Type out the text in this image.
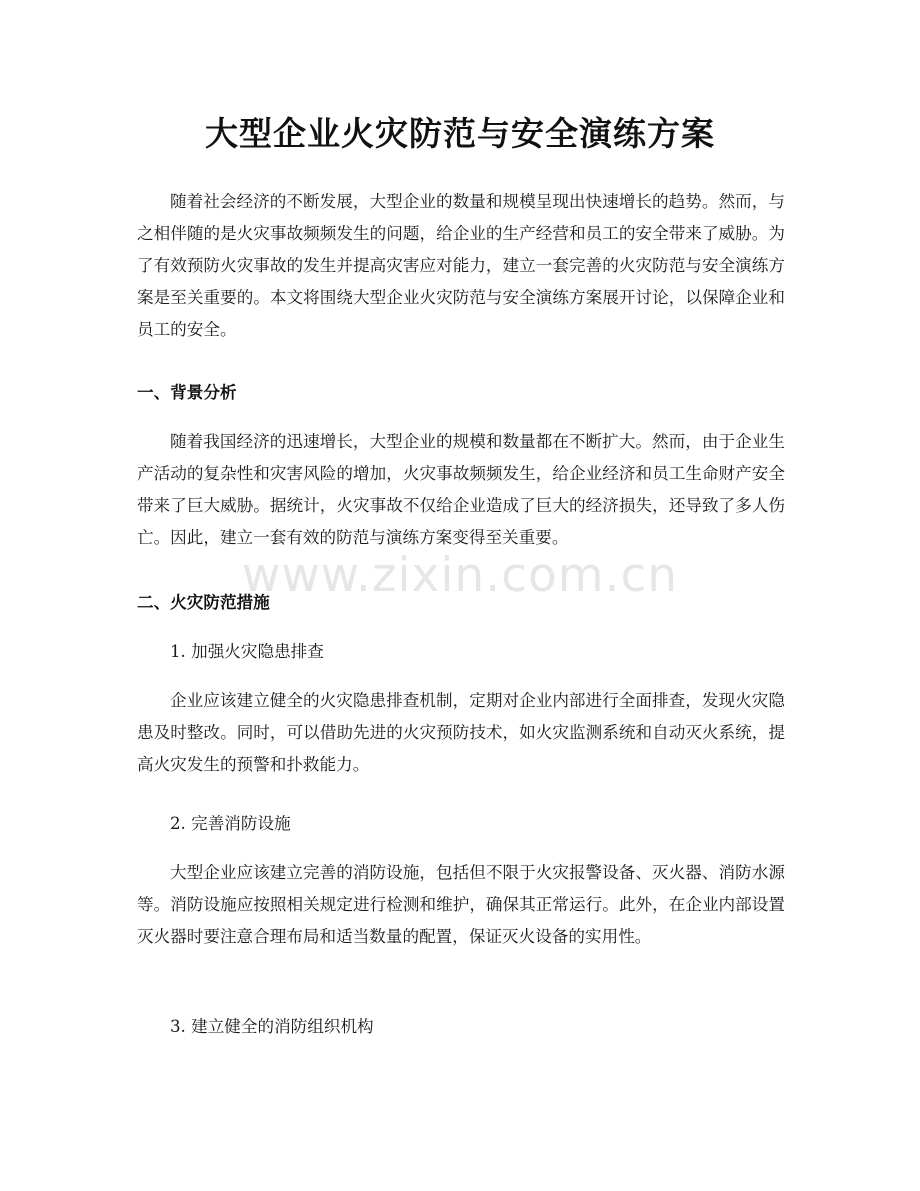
大型企业火灾防范与安全演练方案

随着社会经济的不断发展，大型企业的数量和规模呈现出快速增长的趋势。然而，与之相伴随的是火灾事故频频发生的问题，给企业的生产经营和员工的安全带来了威胁。为了有效预防火灾事故的发生并提高灾害应对能力，建立一套完善的火灾防范与安全演练方案是至关重要的。本文将围绕大型企业火灾防范与安全演练方案展开讨论，以保障企业和员工的安全。

一、背景分析

随着我国经济的迅速增长，大型企业的规模和数量都在不断扩大。然而，由于企业生产活动的复杂性和灾害风险的增加，火灾事故频频发生，给企业经济和员工生命财产安全带来了巨大威胁。据统计，火灾事故不仅给企业造成了巨大的经济损失，还导致了多人伤亡。因此，建立一套有效的防范与演练方案变得至关重要。

二、火灾防范措施

1. 加强火灾隐患排查

企业应该建立健全的火灾隐患排查机制，定期对企业内部进行全面排查，发现火灾隐患及时整改。同时，可以借助先进的火灾预防技术，如火灾监测系统和自动灭火系统，提高火灾发生的预警和扑救能力。

2. 完善消防设施

大型企业应该建立完善的消防设施，包括但不限于火灾报警设备、灭火器、消防水源等。消防设施应按照相关规定进行检测和维护，确保其正常运行。此外，在企业内部设置灭火器时要注意合理布局和适当数量的配置，保证灭火设备的实用性。

3. 建立健全的消防组织机构

www.zixin.com.cn
